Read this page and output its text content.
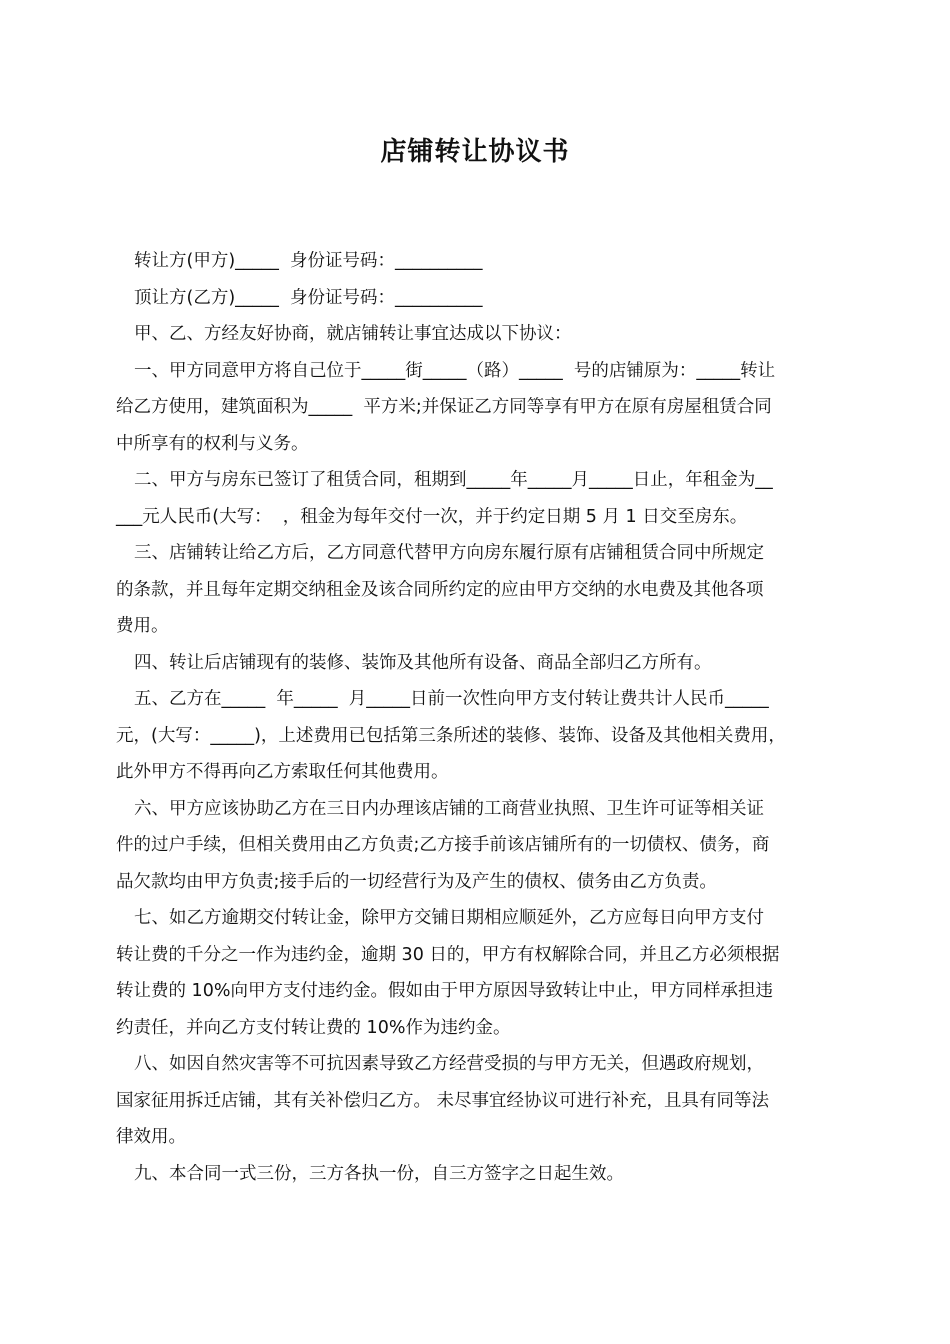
店铺转让协议书
转让方(甲方)_____  身份证号码：__________
顶让方(乙方)_____  身份证号码：__________
甲、乙、方经友好协商，就店铺转让事宜达成以下协议：
一、甲方同意甲方将自己位于_____街_____（路）_____  号的店铺原为：_____转让
给乙方使用，建筑面积为_____  平方米;并保证乙方同等享有甲方在原有房屋租赁合同
中所享有的权利与义务。
二、甲方与房东已签订了租赁合同，租期到_____年_____月_____日止，年租金为__
___元人民币(大写：  ，租金为每年交付一次，并于约定日期 5 月 1 日交至房东。
三、店铺转让给乙方后，乙方同意代替甲方向房东履行原有店铺租赁合同中所规定
的条款，并且每年定期交纳租金及该合同所约定的应由甲方交纳的水电费及其他各项
费用。
四、转让后店铺现有的装修、装饰及其他所有设备、商品全部归乙方所有。
五、乙方在_____  年_____  月_____日前一次性向甲方支付转让费共计人民币_____
元，(大写：_____)，上述费用已包括第三条所述的装修、装饰、设备及其他相关费用，
此外甲方不得再向乙方索取任何其他费用。
六、甲方应该协助乙方在三日内办理该店铺的工商营业执照、卫生许可证等相关证
件的过户手续，但相关费用由乙方负责;乙方接手前该店铺所有的一切债权、债务，商
品欠款均由甲方负责;接手后的一切经营行为及产生的债权、债务由乙方负责。
七、如乙方逾期交付转让金，除甲方交铺日期相应顺延外，乙方应每日向甲方支付
转让费的千分之一作为违约金，逾期 30 日的，甲方有权解除合同，并且乙方必须根据
转让费的 10%向甲方支付违约金。假如由于甲方原因导致转让中止，甲方同样承担违
约责任，并向乙方支付转让费的 10%作为违约金。
八、如因自然灾害等不可抗因素导致乙方经营受损的与甲方无关，但遇政府规划，
国家征用拆迁店铺，其有关补偿归乙方。 未尽事宜经协议可进行补充，且具有同等法
律效用。
九、本合同一式三份，三方各执一份，自三方签字之日起生效。
